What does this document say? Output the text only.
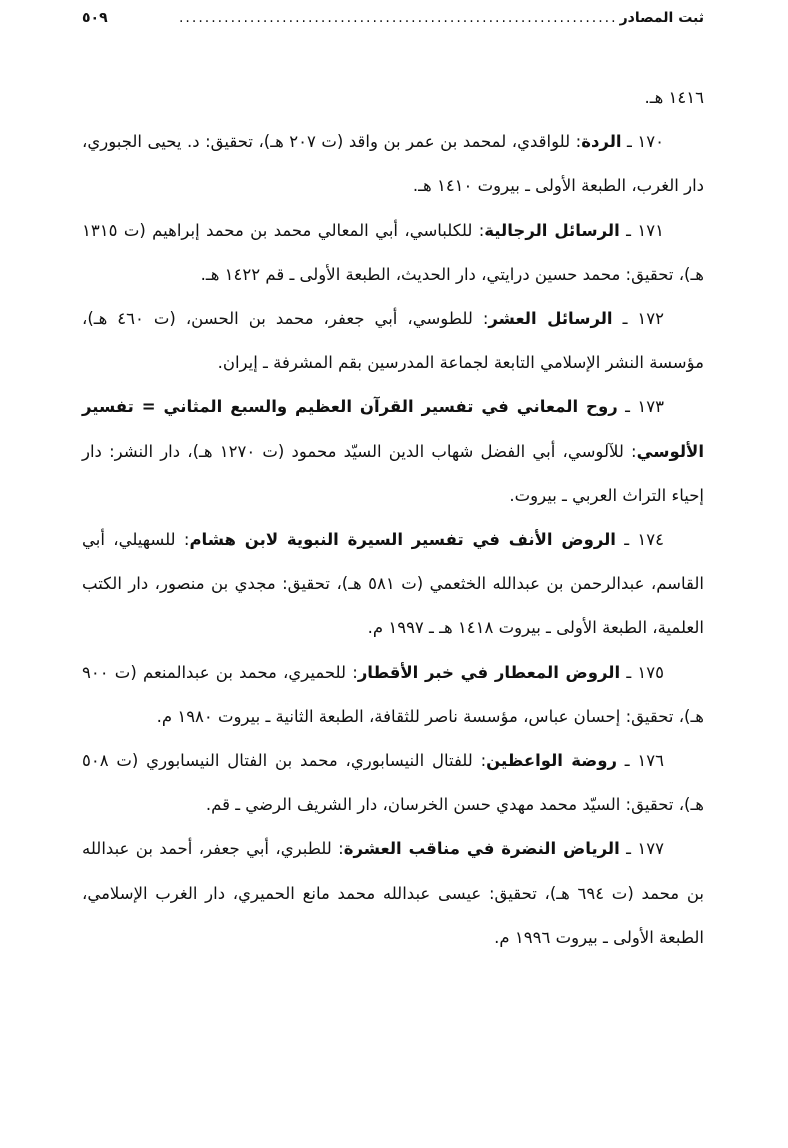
ثبت المصادر
....................................................................
٥٠٩

١٤١٦ هـ.

١٧٠ ـ الردة: للواقدي، لمحمد بن عمر بن واقد (ت ٢٠٧ هـ)، تحقيق: د. يحيى الجبوري، دار الغرب، الطبعة الأولى ـ بيروت ١٤١٠ هـ.

١٧١ ـ الرسائل الرجالية: للكلباسي، أبي المعالي محمد بن محمد إبراهيم (ت ١٣١٥ هـ)، تحقيق: محمد حسين درايتي، دار الحديث، الطبعة الأولى ـ قم ١٤٢٢ هـ.

١٧٢ ـ الرسائل العشر: للطوسي، أبي جعفر، محمد بن الحسن، (ت ٤٦٠ هـ)، مؤسسة النشر الإسلامي التابعة لجماعة المدرسين بقم المشرفة ـ إيران.

١٧٣ ـ روح المعاني في تفسير القرآن العظيم والسبع المثاني = تفسير الألوسي: للآلوسي، أبي الفضل شهاب الدين السيّد محمود (ت ١٢٧٠ هـ)، دار النشر: دار إحياء التراث العربي ـ بيروت.

١٧٤ ـ الروض الأنف في تفسير السيرة النبوية لابن هشام: للسهيلي، أبي القاسم، عبدالرحمن بن عبدالله الخثعمي (ت ٥٨١ هـ)، تحقيق: مجدي بن منصور، دار الكتب العلمية، الطبعة الأولى ـ بيروت ١٤١٨ هـ ـ ١٩٩٧ م.

١٧٥ ـ الروض المعطار في خبر الأقطار: للحميري، محمد بن عبدالمنعم (ت ٩٠٠ هـ)، تحقيق: إحسان عباس، مؤسسة ناصر للثقافة، الطبعة الثانية ـ بيروت ١٩٨٠ م.

١٧٦ ـ روضة الواعظين: للفتال النيسابوري، محمد بن الفتال النيسابوري (ت ٥٠٨ هـ)، تحقيق: السيّد محمد مهدي حسن الخرسان، دار الشريف الرضي ـ قم.

١٧٧ ـ الرياض النضرة في مناقب العشرة: للطبري، أبي جعفر، أحمد بن عبدالله بن محمد (ت ٦٩٤ هـ)، تحقيق: عيسى عبدالله محمد مانع الحميري، دار الغرب الإسلامي، الطبعة الأولى ـ بيروت ١٩٩٦ م.
